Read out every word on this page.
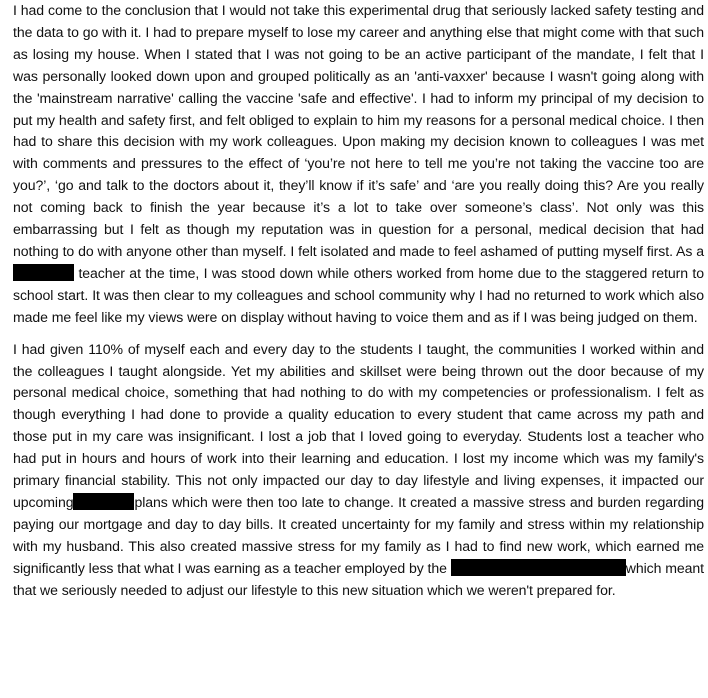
I had come to the conclusion that I would not take this experimental drug that seriously lacked safety testing and the data to go with it. I had to prepare myself to lose my career and anything else that might come with that such as losing my house. When I stated that I was not going to be an active participant of the mandate, I felt that I was personally looked down upon and grouped politically as an 'anti-vaxxer' because I wasn't going along with the 'mainstream narrative' calling the vaccine 'safe and effective'. I had to inform my principal of my decision to put my health and safety first, and felt obliged to explain to him my reasons for a personal medical choice. I then had to share this decision with my work colleagues. Upon making my decision known to colleagues I was met with comments and pressures to the effect of ‘you’re not here to tell me you’re not taking the vaccine too are you?’, ‘go and talk to the doctors about it, they’ll know if it’s safe’ and ‘are you really doing this? Are you really not coming back to finish the year because it’s a lot to take over someone’s class’. Not only was this embarrassing but I felt as though my reputation was in question for a personal, medical decision that had nothing to do with anyone other than myself. I felt isolated and made to feel ashamed of putting myself first. As a  teacher at the time, I was stood down while others worked from home due to the staggered return to school start. It was then clear to my colleagues and school community why I had no returned to work which also made me feel like my views were on display without having to voice them and as if I was being judged on them.

I had given 110% of myself each and every day to the students I taught, the communities I worked within and the colleagues I taught alongside. Yet my abilities and skillset were being thrown out the door because of my personal medical choice, something that had nothing to do with my competencies or professionalism. I felt as though everything I had done to provide a quality education to every student that came across my path and those put in my care was insignificant. I lost a job that I loved going to everyday. Students lost a teacher who had put in hours and hours of work into their learning and education. I lost my income which was my family's primary financial stability. This not only impacted our day to day lifestyle and living expenses, it impacted our upcoming	plans which were then too late to change. It created a massive stress and burden regarding paying our mortgage and day to day bills. It created uncertainty for my family and stress within my relationship with my husband. This also created massive stress for my family as I had to find new work, which earned me significantly less that what I was earning as a teacher employed by the	which meant that we seriously needed to adjust our lifestyle to this new situation which we weren't prepared for.
